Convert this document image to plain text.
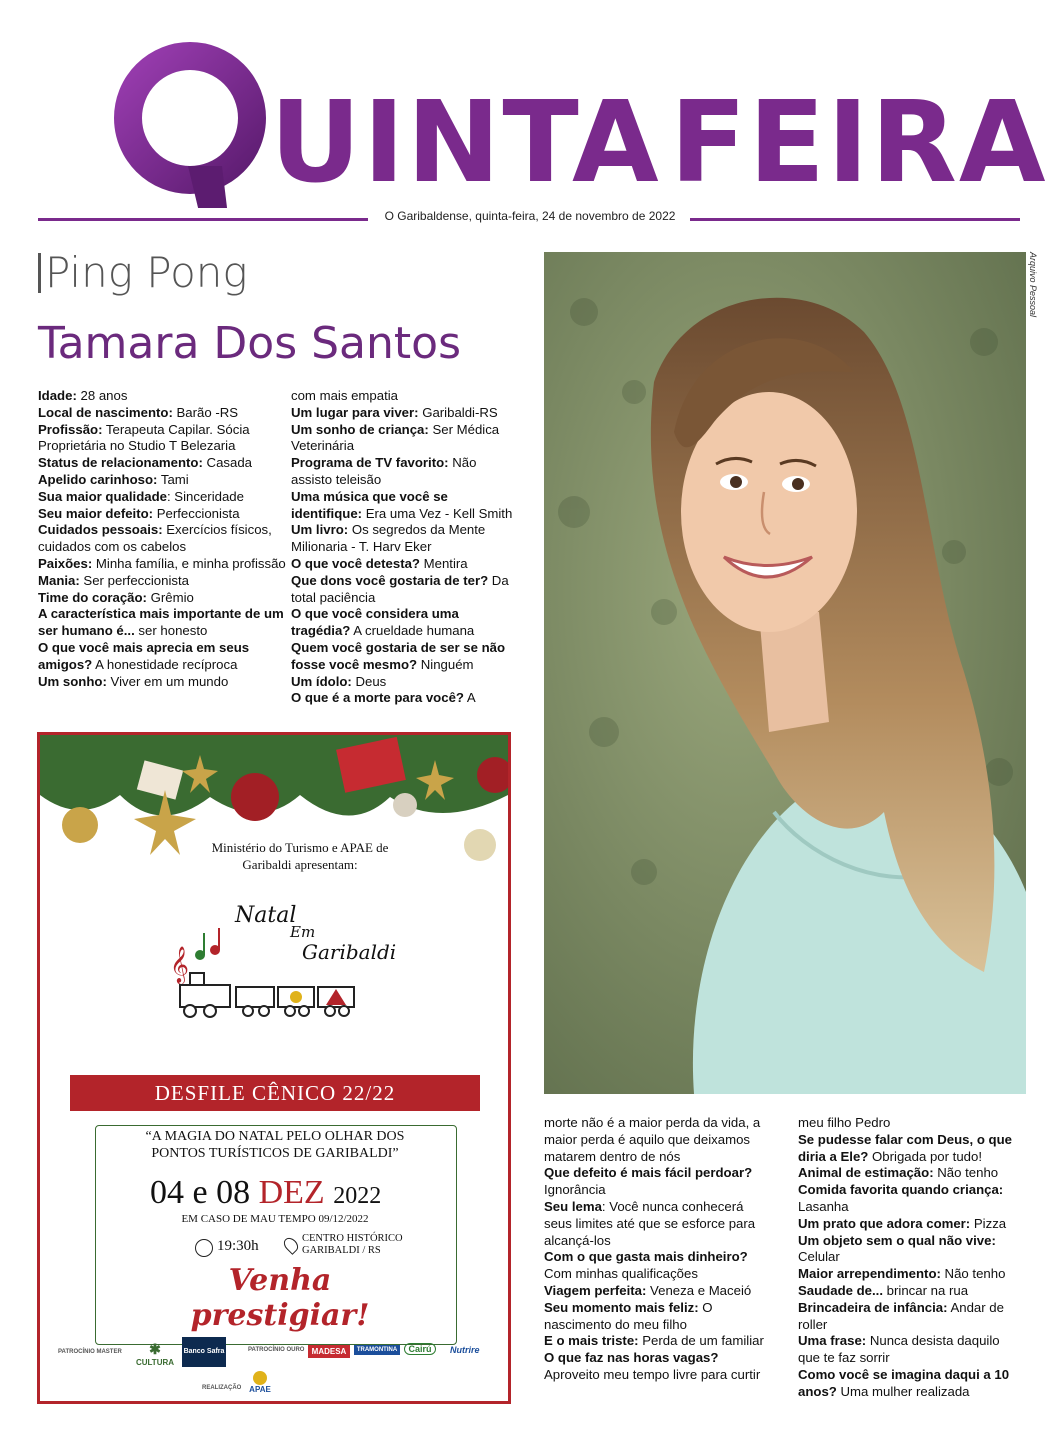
UINTA FEIRA
O Garibaldense, quinta-feira, 24 de novembro de 2022
Ping Pong
Tamara Dos Santos

Idade: 28 anos

Local de nascimento: Barão -RS

Profissão: Terapeuta Capilar. Sócia Proprietária no Studio T Belezaria

Status de relacionamento: Casada

Apelido carinhoso: Tami

Sua maior qualidade: Sinceridade

Seu maior defeito: Perfeccionista

Cuidados pessoais: Exercícios físicos, cuidados com os cabelos

Paixões: Minha família, e minha profissão

Mania: Ser perfeccionista

Time do coração: Grêmio

A característica mais importante de um ser humano é... ser honesto

O que você mais aprecia em seus amigos? A honestidade recíproca

Um sonho: Viver em um mundo

com mais empatia

Um lugar para viver: Garibaldi-RS

Um sonho de criança: Ser Médica Veterinária

Programa de TV favorito: Não assisto teleisão

Uma música que você se identifique: Era uma Vez - Kell Smith

Um livro: Os segredos da Mente Milionaria - T. Harv Eker

O que você detesta? Mentira

Que dons você gostaria de ter? Da total paciência

O que você considera uma tragédia? A crueldade humana

Quem você gostaria de ser se não fosse você mesmo? Ninguém

Um ídolo: Deus

O que é a morte para você? A

morte não é a maior perda da vida, a maior perda é aquilo que deixamos matarem dentro de nós

Que defeito é mais fácil perdoar? Ignorância

Seu lema: Você nunca conhecerá seus limites até que se esforce para alcançá-los

Com o que gasta mais dinheiro? Com minhas qualificações

Viagem perfeita: Veneza e Maceió

Seu momento mais feliz: O nascimento do meu filho

E o mais triste: Perda de um familiar

O que faz nas horas vagas? Aproveito meu tempo livre para curtir

meu filho Pedro

Se pudesse falar com Deus, o que diria a Ele? Obrigada por tudo!

Animal de estimação: Não tenho

Comida favorita quando criança: Lasanha

Um prato que adora comer: Pizza

Um objeto sem o qual não vive: Celular

Maior arrependimento: Não tenho

Saudade de... brincar na rua

Brincadeira de infância: Andar de roller

Uma frase: Nunca desista daquilo que te faz sorrir

Como você se imagina daqui a 10 anos? Uma mulher realizada

Arquivo Pessoal
Ministério do Turismo e APAE de Garibaldi apresentam:
𝄞
Natal
Em
Garibaldi
DESFILE CÊNICO 22/22
“A MAGIA DO NATAL PELO OLHAR DOS PONTOS TURÍSTICOS DE GARIBALDI”
04 e 08 DEZ 2022
EM CASO DE MAU TEMPO 09/12/2022
19:30h	CENTRO HISTÓRICO GARIBALDI / RS
Venha prestigiar!
PATROCÍNIO MASTER	✱
CULTURA
Banco Safra	PATROCÍNIO OURO MADESA	TRAMONTINA	Cairú	Nutrire
REALIZAÇÃO APAE
